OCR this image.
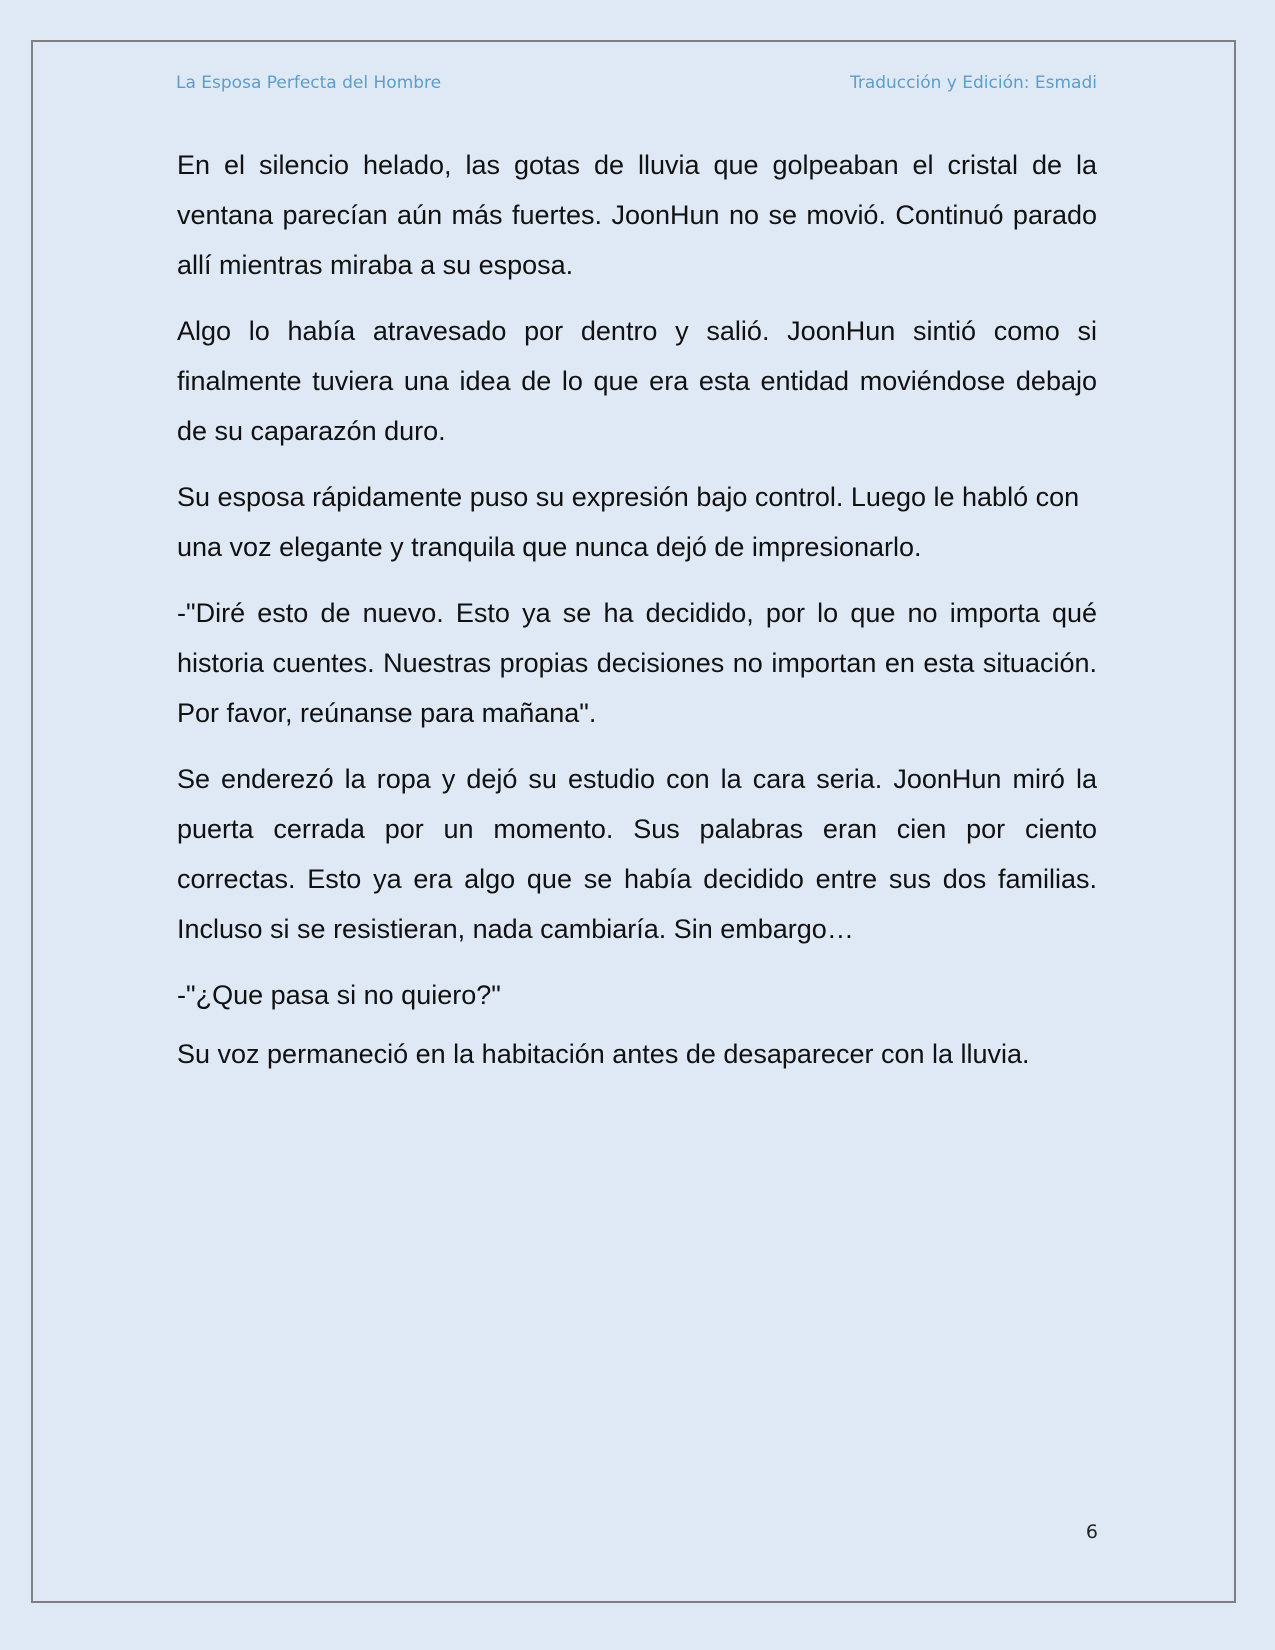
La Esposa Perfecta del Hombre	Traducción y Edición: Esmadi

En el silencio helado, las gotas de lluvia que golpeaban el cristal de la ventana parecían aún más fuertes. JoonHun no se movió. Continuó parado allí mientras miraba a su esposa.

Algo lo había atravesado por dentro y salió. JoonHun sintió como si finalmente tuviera una idea de lo que era esta entidad moviéndose debajo de su caparazón duro.

Su esposa rápidamente puso su expresión bajo control. Luego le habló con una voz elegante y tranquila que nunca dejó de impresionarlo.

-"Diré esto de nuevo. Esto ya se ha decidido, por lo que no importa qué historia cuentes. Nuestras propias decisiones no importan en esta situación. Por favor, reúnanse para mañana".

Se enderezó la ropa y dejó su estudio con la cara seria. JoonHun miró la puerta cerrada por un momento. Sus palabras eran cien por ciento correctas. Esto ya era algo que se había decidido entre sus dos familias. Incluso si se resistieran, nada cambiaría. Sin embargo…

-"¿Que pasa si no quiero?"

Su voz permaneció en la habitación antes de desaparecer con la lluvia.

6
